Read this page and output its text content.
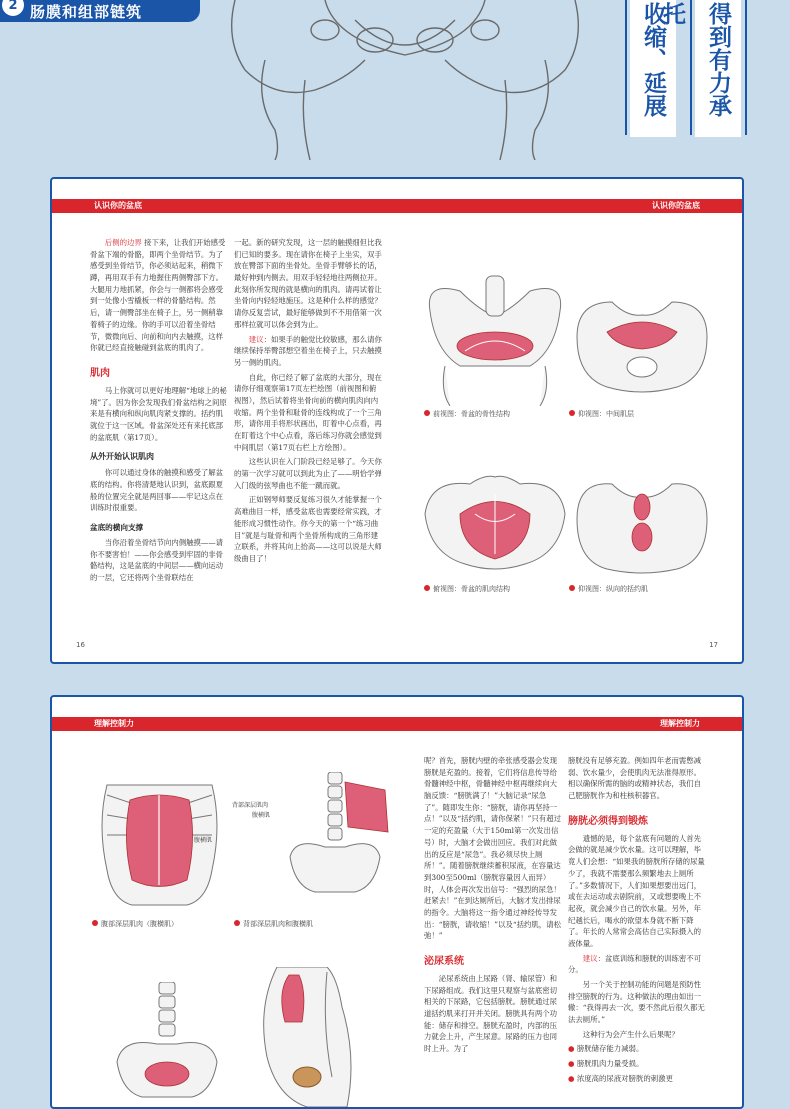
2 肠膜和组部链筑	收缩、延展	得到有力承托
认识你的盆底	认识你的盆底

后侧的边界 接下来，让我们开始感受骨盆下端的骨骼，即两个坐骨结节。为了感受到坐骨结节，你必须站起来，稍微下蹲，再用双手有力地握住两侧臀部下方。大腿用力地抓紧，你会与一侧都将会感受到一处像小雪橇板一样的骨骼结构。然后，请一侧臀部坐在椅子上，另一侧稍靠着椅子的边缘。你的手可以沿着坐骨结节，微微向后、向前和向内去触摸，这样你就已经直接触碰到盆底的肌肉了。

肌肉

马上你就可以更好地理解“地球上的秘境”了。因为你会发现我们骨盆结构之间原来是有横向和纵向肌肉紧支撑的。括约肌就位于这一区域。骨盆深处还有来托底部的盆底肌（第17页）。

从外开始认识肌肉

你可以通过身体的触摸和感受了解盆底的结构。你将清楚地认识到，盆底跟夏般的位置完全就是两回事——牢记这点在训练时很重要。

盆底的横向支撑

当你沿着坐骨结节向内侧触摸——请你不要害怕！——你会感受到牢固的非骨骼结构，这是盆底的中间层——横向运动的一层，它还将两个坐骨联结在

一起。新的研究发现，这一层的触摸细但比我们已知的要多。现在请你在椅子上坐实，双手放在臀部下面的坐骨处。坐骨手臂够长的话，最好伸到内侧去。用双手轻轻地往两侧拉开。此刻你所发现的就是横向的肌肉。请再试着让坐骨向内轻轻地施压。这是种什么样的感觉？请你反复尝试，最好能够做到不不用借第一次那样拉就可以体会到为止。

建议：如果手的触觉比较敏感，那么请你继续保持举臀部想空着坐在椅子上，只去触摸另一侧的肌肉。

自此，你已经了解了盆底的大部分，现在请你仔细观察第17页左栏绘图（前视图和俯视图），然后试着将坐骨向前的横向肌肉向内收缩。两个坐骨和耻骨的连线构成了一个三角形，请你用手将形状画出，盯着中心点看，再在盯着这个中心点看，落后练习你就会感觉到中间肌层（第17页右栏上方绘图）。

这些认识在入门阶段已经足够了。今天你的第一次学习就可以到此为止了——明恰学弹入门级的弦琴曲也不能一蹴而就。

正如钢琴师要反复练习很久才能掌握一个高难曲目一样，感受盆底也需要经常实践，才能形成习惯性动作。你今天的第一个“练习曲目”就是与耻骨和两个坐骨所构成的三角形建立联系，并将其向上抬高——这可以说是大师级曲目了！

前视图：骨盆的骨性结构	仰视图：中间肌层
俯视图：骨盆的肌肉结构	仰视图：纵向的括约肌
16	17
理解控制力	理解控制力
腹横肌
背部深层肌肉
腹横肌
腹部深层肌肉（腹横肌）	背部深层肌肉和腹横肌

呢？首先，膀胱内壁的牵张感受器会发现膀胱是充盈的。接着，它们将信息传导给骨髓神经中枢，骨髓神经中枢再继续向大脑反馈：“膀胱满了！”大脑记录“尿急了”。随即发生你：“膀胱，请你再坚持一点！”以及“括约肌，请你保紧！”只有超过一定的充盈量（大于150ml第一次发出信号）时，大脑才会做出回应。我们对此做出的反应是“尿急”。我必须尽快上厕所！”。随着膀胱继续蓄积尿液，在容量达到300至500ml（膀胱容量因人而异）时，人体会再次发出信号：“强烈的尿急！赶紧去！”在到达厕所后，大脑才发出排尿的指令。大脑将这一指令通过神经传导发出：“膀胱，请收缩！”以及“括约肌，请松弛！”

泌尿系统

泌尿系统由上尿路（肾、输尿管）和下尿路组成。我们这里只观察与盆底密切相关的下尿路，它包括膀胱。膀胱通过尿道括约肌来打开并关闭。膀胱具有两个功能：储存和排空。膀胱充盈时，内部的压力就会上升，产生尿意。尿路的压力也同时上升。为了

膀胱没有足够充盈。例如四年老而需憋减弱、饮水量少，会使肌肉无法准得原形。相以确保所需的脑的或精神状态，我们自己肥膀胱作为和柱核积器官。

膀胱必须得到锻炼

遗憾的是，每个盆底有问题的人首先会做的就是减少饮水量。这可以理解，毕竟人们会想：“如果我的膀胱所存储的尿量少了，我就不需要那么频繁地去上厕所了。”多数情况下，人们如果想要出远门，或在去运动或去剧院前，又或想要晚上不起夜，就会减少自己的饮水量。另外，年纪越长后，喝水的欲望本身就不断下降了。年长的人常常会高估自己实际摄入的液体量。

建议：盆底训练和膀胱的训练密不可分。

另一个关于控制功能的问题是预防性排空膀胱的行为。这种做法的理由如出一辙：“我得再去一次，要不然此后很久都无法去厕所。”

这种行为会产生什么后果呢？

● 膀胱储存能力减弱。

● 膀胱肌肉力量受损。

● 浓度高的尿液对膀胱的刺激更
